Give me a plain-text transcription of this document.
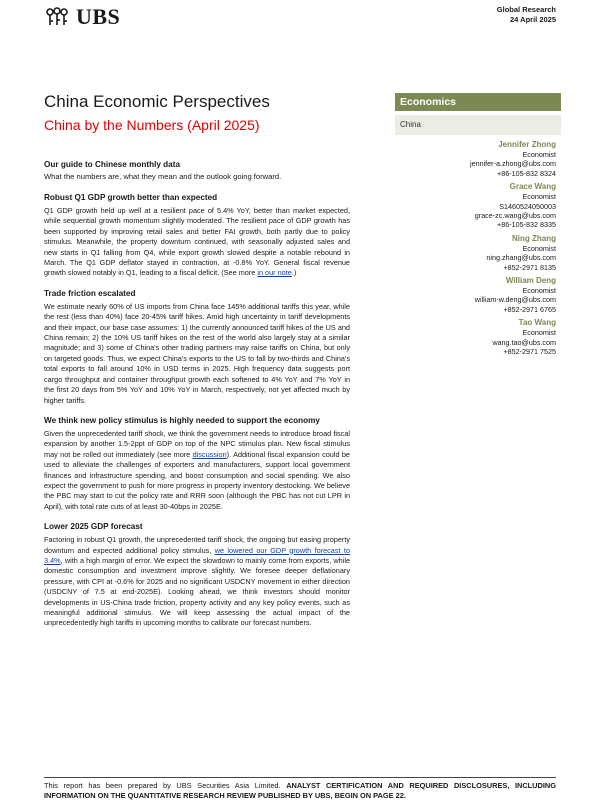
UBS	Global Research
24 April 2025
China Economic Perspectives
China by the Numbers (April 2025)
Economics
China
Jennifer Zhong
Economist
jennifer-a.zhong@ubs.com
+86-105-832 8324
Grace Wang
Economist
S1460524050003
grace-zc.wang@ubs.com
+86-105-832 8335
Ning Zhang
Economist
ning.zhang@ubs.com
+852-2971 8135
William Deng
Economist
william-w.deng@ubs.com
+852-2971 6765
Tao Wang
Economist
wang.tao@ubs.com
+852-2971 7525

Our guide to Chinese monthly data

What the numbers are, what they mean and the outlook going forward.

Robust Q1 GDP growth better than expected

Q1 GDP growth held up well at a resilient pace of 5.4% YoY, better than market expected, while sequential growth momentum slightly moderated. The resilient pace of GDP growth has been supported by improving retail sales and better FAI growth, both partly due to policy stimulus. Meanwhile, the property downturn continued, with seasonally adjusted sales and new starts in Q1 falling from Q4, while export growth slowed despite a notable rebound in March. The Q1 GDP deflator stayed in contraction, at -0.8% YoY. General fiscal revenue growth slowed notably in Q1, leading to a fiscal deficit. (See more in our note.)

Trade friction escalated

We estimate nearly 60% of US imports from China face 145% additional tariffs this year, while the rest (less than 40%) face 20-45% tariff hikes. Amid high uncertainty in tariff developments and their impact, our base case assumes: 1) the currently announced tariff hikes of the US and China remain; 2) the 10% US tariff hikes on the rest of the world also largely stay at a similar magnitude; and 3) some of China's other trading partners may raise tariffs on China, but only on targeted goods. Thus, we expect China's exports to the US to fall by two-thirds and China's total exports to fall around 10% in USD terms in 2025. High frequency data suggests port cargo throughput and container throughput growth each softened to 4% YoY and 7% YoY in the first 20 days from 5% YoY and 10% YoY in March, respectively, not yet affected much by higher tariffs.

We think new policy stimulus is highly needed to support the economy

Given the unprecedented tariff shock, we think the government needs to introduce broad fiscal expansion by another 1.5-2ppt of GDP on top of the NPC stimulus plan. New fiscal stimulus may not be rolled out immediately (see more discussion). Additional fiscal expansion could be used to alleviate the challenges of exporters and manufacturers, support local government finances and infrastructure spending, and boost consumption and social spending. We also expect the government to push for more progress in property inventory destocking. We believe the PBC may start to cut the policy rate and RRR soon (although the PBC has not cut LPR in April), with total rate cuts of at least 30-40bps in 2025E.

Lower 2025 GDP forecast

Factoring in robust Q1 growth, the unprecedented tariff shock, the ongoing but easing property downturn and expected additional policy stimulus, we lowered our GDP growth forecast to 3.4%, with a high margin of error. We expect the slowdown to mainly come from exports, while domestic consumption and investment improve slightly. We foresee deeper deflationary pressure, with CPI at -0.6% for 2025 and no significant USDCNY movement in either direction (USDCNY of 7.5 at end-2025E). Looking ahead, we think investors should monitor developments in US-China trade friction, property activity and any key policy events, such as meaningful additional stimulus. We will keep assessing the actual impact of the unprecedentedly high tariffs in upcoming months to calibrate our forecast numbers.

This report has been prepared by UBS Securities Asia Limited. ANALYST CERTIFICATION AND REQUIRED DISCLOSURES, INCLUDING INFORMATION ON THE QUANTITATIVE RESEARCH REVIEW PUBLISHED BY UBS, BEGIN ON PAGE 22.
